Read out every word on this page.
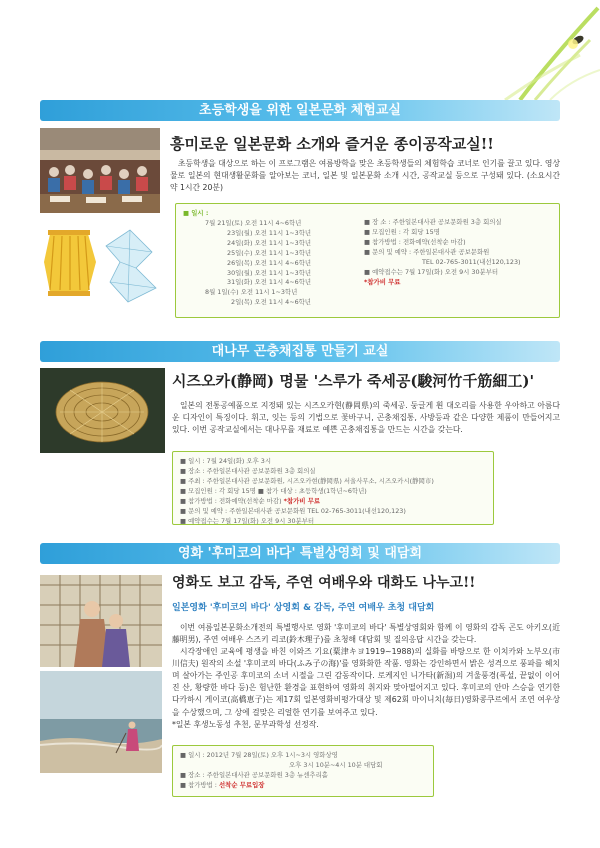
초등학생을 위한 일본문화 체험교실
흥미로운 일본문화 소개와 즐거운 종이공작교실!!

초등학생을 대상으로 하는 이 프로그램은 여름방학을 맞은 초등학생들의 체험학습 코너로 인기를 끌고 있다. 영상물로 일본의 현대생활문화를 알아보는 코너, 일본 및 일본문화 소개 시간, 공작교실 등으로 구성돼 있다. (소요시간 약 1시간 20분)

■ 일시 :
7월 21일(토) 오전 11시 4~6학년
23일(월) 오전 11시 1~3학년
24일(화) 오전 11시 1~3학년
25일(수) 오전 11시 1~3학년
26일(목) 오전 11시 4~6학년
30일(월) 오전 11시 1~3학년
31일(화) 오전 11시 4~6학년
8월 1일(수) 오전 11시 1~3학년
2일(목) 오전 11시 4~6학년
■ 장 소 : 주한일본대사관 공보문화원 3층 회의실
■ 모집인원 : 각 회당 15명
■ 참가방법 : 전화예약(선착순 마감)
■ 문의 및 예약 : 주한일본대사관 공보문화원
TEL 02-765-3011(내선120,123)
■ 예약접수는 7월 17일(화) 오전 9시 30분부터
*참가비 무료
대나무 곤충채집통 만들기 교실
시즈오카(静岡) 명물 '스루가 죽세공(駿河竹千筋細工)'

일본의 전통공예품으로 지정돼 있는 시즈오카현(静岡県)의 죽세공. 둥글게 휜 대오리를 사용한 우아하고 아름다운 디자인이 특징이다. 휘고, 잇는 등의 기법으로 꽃바구니, 곤충채집통, 사방등과 같은 다양한 제품이 만들어지고 있다. 이번 공작교실에서는 대나무를 재료로 예쁜 곤충채집통을 만드는 시간을 갖는다.

■ 일시 : 7월 24일(화) 오후 3시
■ 장소 : 주한일본대사관 공보문화원 3층 회의실
■ 주최 : 주한일본대사관 공보문화원, 시즈오카현(静岡県) 서울사무소, 시즈오카시(静岡市)
■ 모집인원 : 각 회당 15명 ■ 참가 대상 : 초등학생(1학년~6학년)
■ 참가방법 : 전화예약(선착순 마감) *참가비 무료
■ 문의 및 예약 : 주한일본대사관 공보문화원 TEL 02-765-3011(내선120,123)
■ 예약접수는 7월 17일(화) 오전 9시 30분부터
영화 '후미코의 바다' 특별상영회 및 대담회
영화도 보고 감독, 주연 여배우와 대화도 나누고!!
일본영화 '후미코의 바다' 상영회 & 감독, 주연 여배우 초청 대담회

이번 여름일본문화소개전의 특별행사로 영화 '후미코의 바다' 특별상영회와 함께 이 영화의 감독 곤도 아키오(近藤明男), 주연 여배우 스즈키 리코(鈴木理子)를 초청해 대담회 및 질의응답 시간을 갖는다.

시각장애인 교육에 평생을 바친 이와즈 기요(粟津キヨ1919~1988)의 실화를 바탕으로 한 이치카와 노부오(市川信夫) 원작의 소설 '후미코의 바다(ふみ子の海)'를 영화화한 작품. 영화는 강인하면서 밝은 성격으로 풍파를 헤치며 살아가는 주인공 후미코의 소녀 시절을 그린 감동작이다. 로케지인 니가타(新潟)의 겨울풍경(폭설, 끝없이 이어진 산, 황량한 바다 등)은 험난한 환경을 표현하여 영화의 취지와 맞아떨어지고 있다. 후미코의 안마 스승을 연기한 다카하시 게이코(高橋恵子)는 제17회 일본영화비평가대상 및 제62회 마이니치(毎日)영화콩쿠르에서 조연 여우상을 수상했으며, 그 상에 걸맞은 리얼한 연기를 보여주고 있다.

*일본 후생노동성 추천, 문부과학성 선정작.

■ 일시 : 2012년 7월 28일(토) 오후 1시~3시 영화상영
오후 3시 10분~4시 10분 대담회
■ 장소 : 주한일본대사관 공보문화원 3층 뉴센추리홀
■ 참가방법 : 선착순 무료입장
